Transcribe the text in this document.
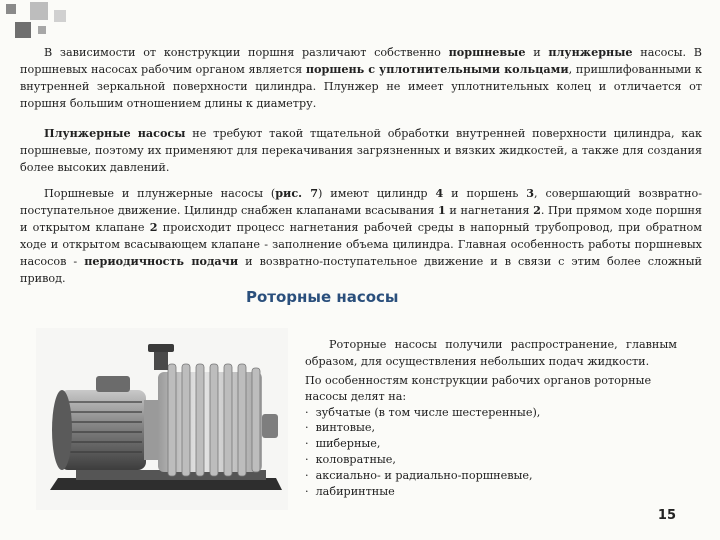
В зависимости от конструкции поршня различают собственно поршневые и плунжерные насосы. В поршневых насосах рабочим органом является поршень с уплотнительными кольцами, пришлифованными к внутренней зеркальной поверхности цилиндра. Плунжер не имеет уплотнительных колец и отличается от поршня большим отношением длины к диаметру.
Плунжерные насосы не требуют такой тщательной обработки внутренней поверхности цилиндра, как поршневые, поэтому их применяют для перекачивания загрязненных и вязких жидкостей, а также для создания более высоких давлений.
Поршневые и плунжерные насосы (рис. 7) имеют цилиндр 4 и поршень 3, совершающий возвратно-поступательное движение. Цилиндр снабжен клапанами всасывания 1 и нагнетания 2. При прямом ходе поршня и открытом клапане 2 происходит процесс нагнетания рабочей среды в напорный трубопровод, при обратном ходе и открытом всасывающем клапане - заполнение объема цилиндра. Главная особенность работы поршневых насосов - периодичность подачи и возвратно-поступательное движение и в связи с этим более сложный привод.
Роторные насосы
Роторные насосы получили распространение, главным образом, для осуществления небольших подач жидкости.
По особенностям конструкции рабочих органов роторные насосы делят на:
· зубчатые (в том числе шестеренные),
· винтовые,
· шиберные,
· коловратные,
· аксиально- и радиально-поршневые,
· лабиринтные
15
